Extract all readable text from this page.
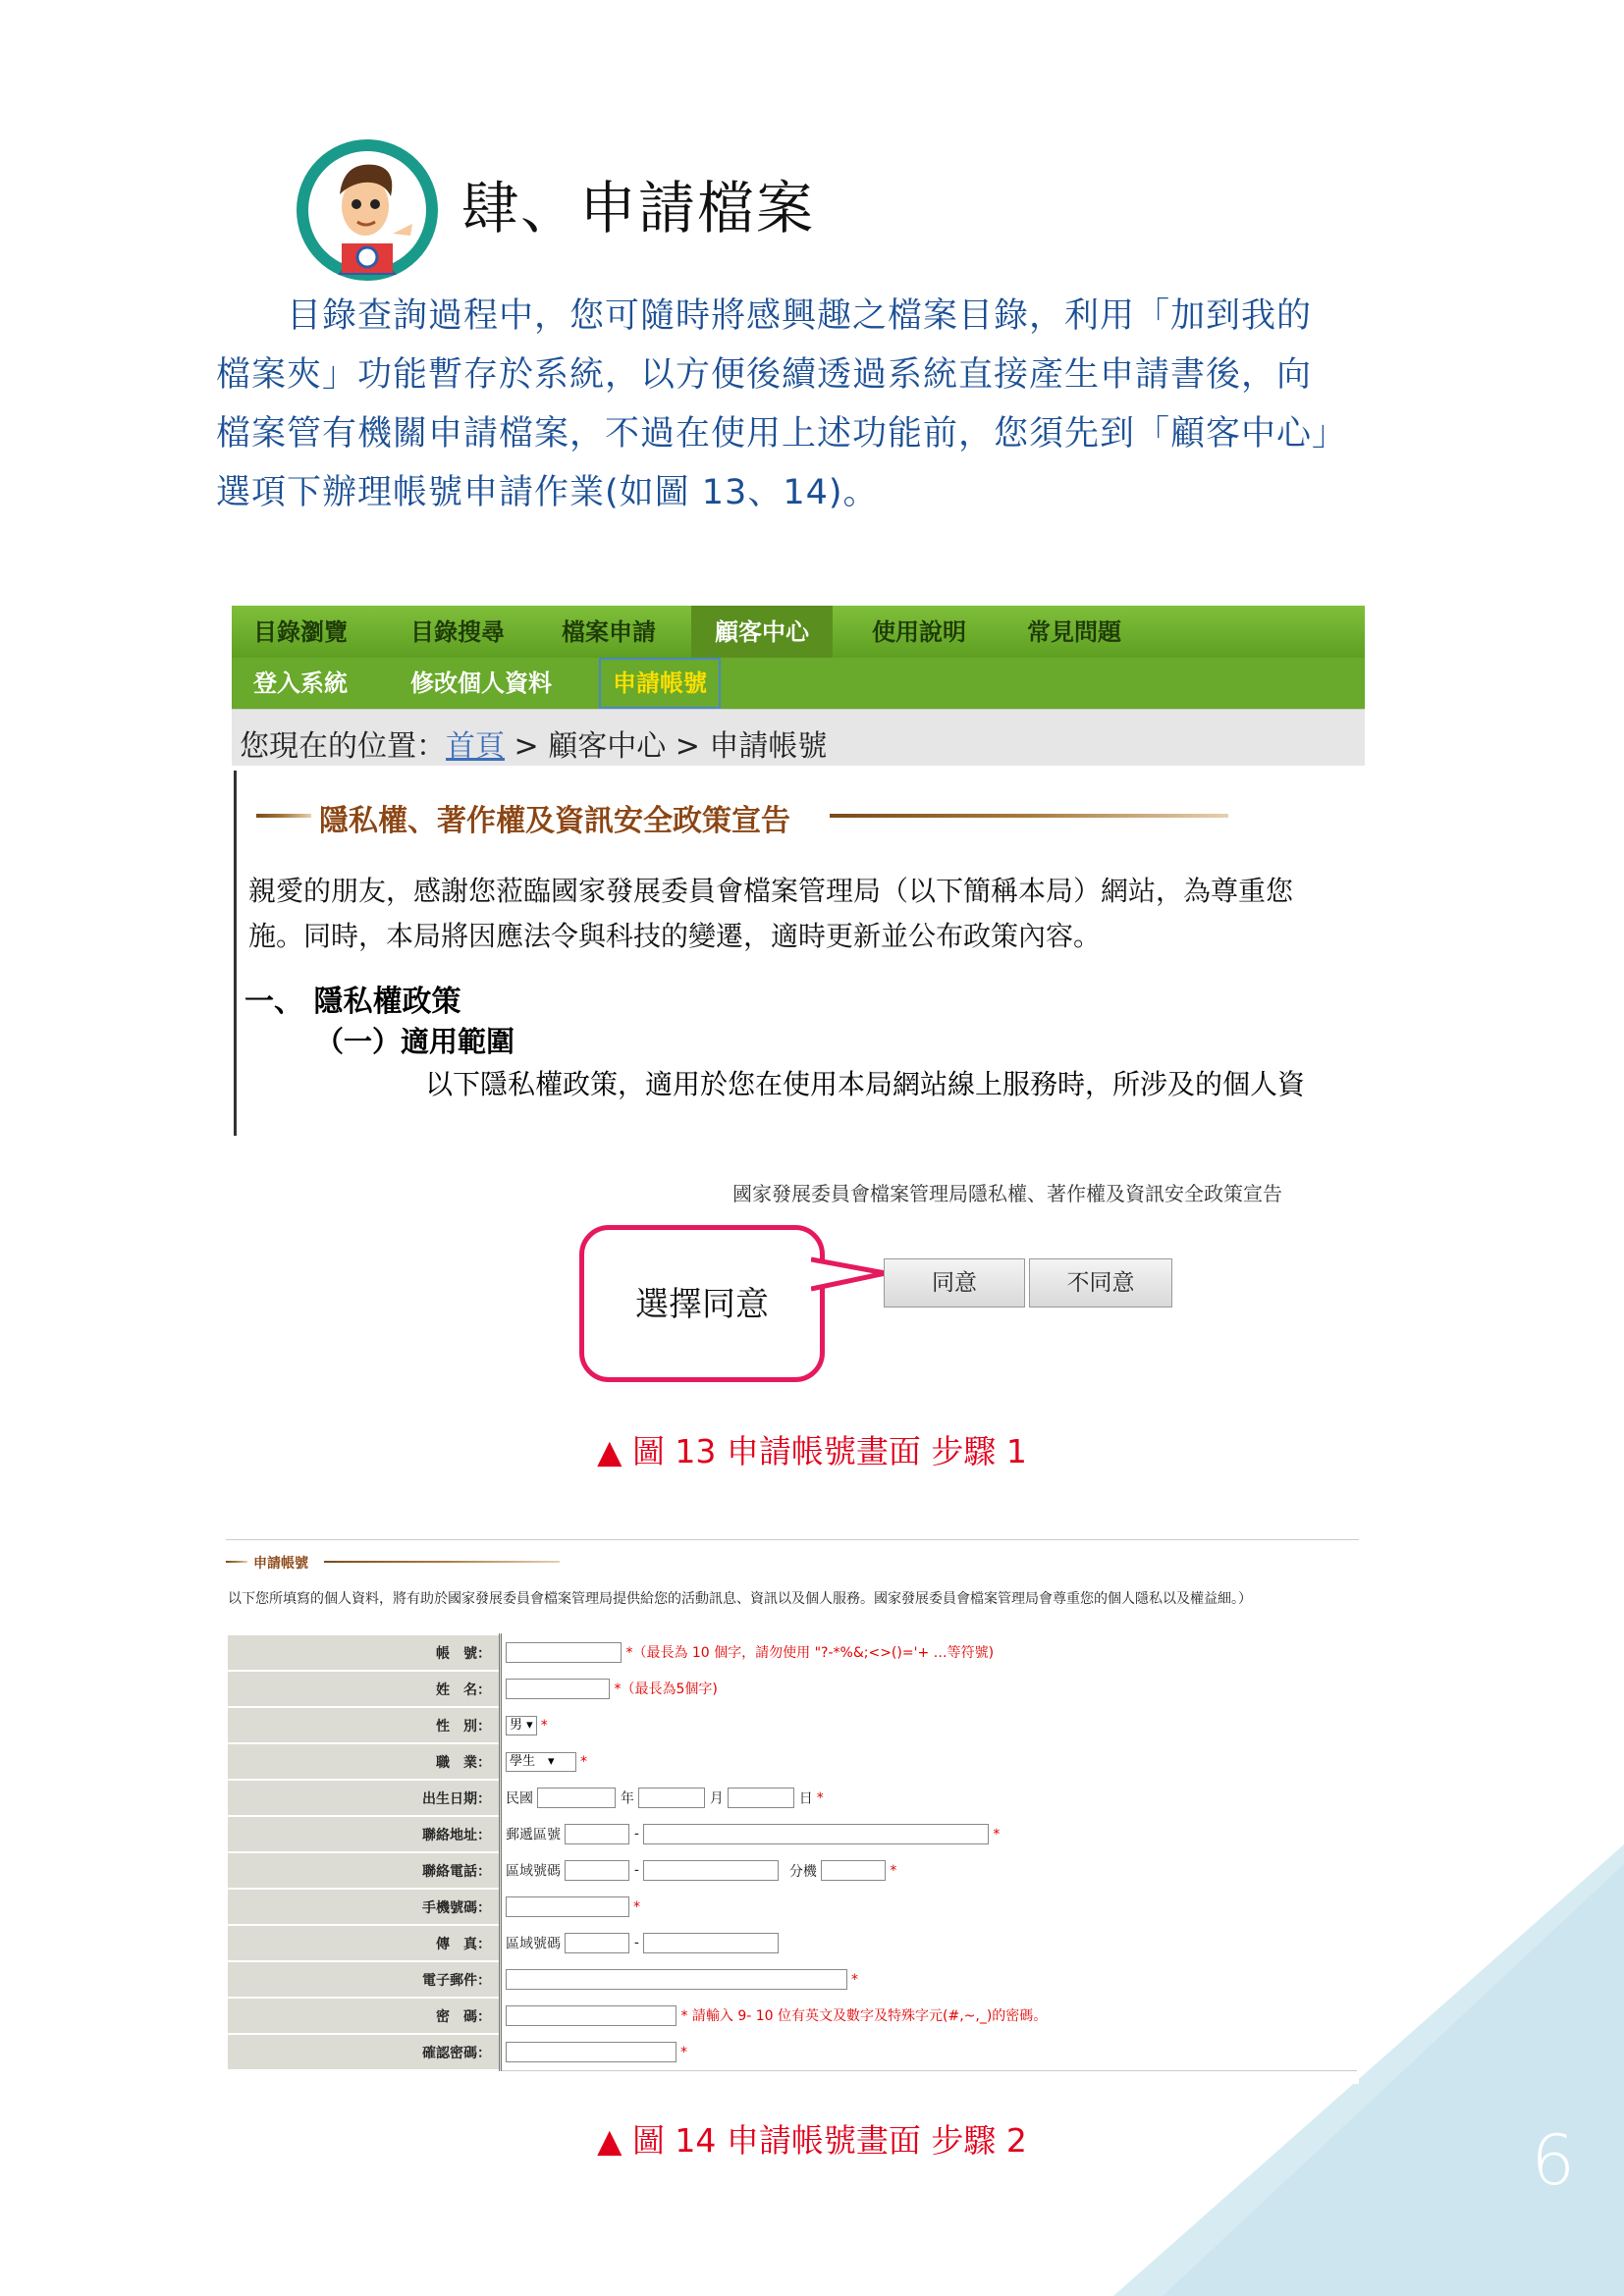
6
肆、申請檔案

　　目錄查詢過程中，您可隨時將感興趣之檔案目錄，利用「加到我的

檔案夾」功能暫存於系統，以方便後續透過系統直接產生申請書後，向

檔案管有機關申請檔案，不過在使用上述功能前，您須先到「顧客中心」

選項下辦理帳號申請作業(如圖 13、14)。

目錄瀏覽	目錄搜尋 檔案申請	顧客中心	使用說明	常見問題
登入系統	修改個人資料	申請帳號
您現在的位置：首頁 > 顧客中心 > 申請帳號
隱私權、著作權及資訊安全政策宣告

親愛的朋友，感謝您蒞臨國家發展委員會檔案管理局（以下簡稱本局）網站，為尊重您

施。同時，本局將因應法令與科技的變遷，適時更新並公布政策內容。

一、 隱私權政策
（一）適用範圍
以下隱私權政策，適用於您在使用本局網站線上服務時，所涉及的個人資
國家發展委員會檔案管理局隱私權、著作權及資訊安全政策宣告
選擇同意
同意	不同意
▲ 圖 13 申請帳號畫面 步驟 1
申請帳號
以下您所填寫的個人資料，將有助於國家發展委員會檔案管理局提供給您的活動訊息、資訊以及個人服務。國家發展委員會檔案管理局會尊重您的個人隱私以及權益細。）
帳　號：	*（最長為 10 個字，請勿使用 "?-*%&;<>()='+ …等符號)
姓　名：	*（最長為5個字)
性　別：	男 ▾ *
職　業：	學生　▾ *
出生日期：	民國 年 月 日 *
聯絡地址：	郵遞區號 - *
聯絡電話：	區域號碼 - 分機 *
手機號碼：	*
傳　真：	區域號碼 -
電子郵件：	*
密　碼：	* 請輸入 9- 10 位有英文及數字及特殊字元(#,~,_)的密碼。
確認密碼：	*
▲ 圖 14 申請帳號畫面 步驟 2
